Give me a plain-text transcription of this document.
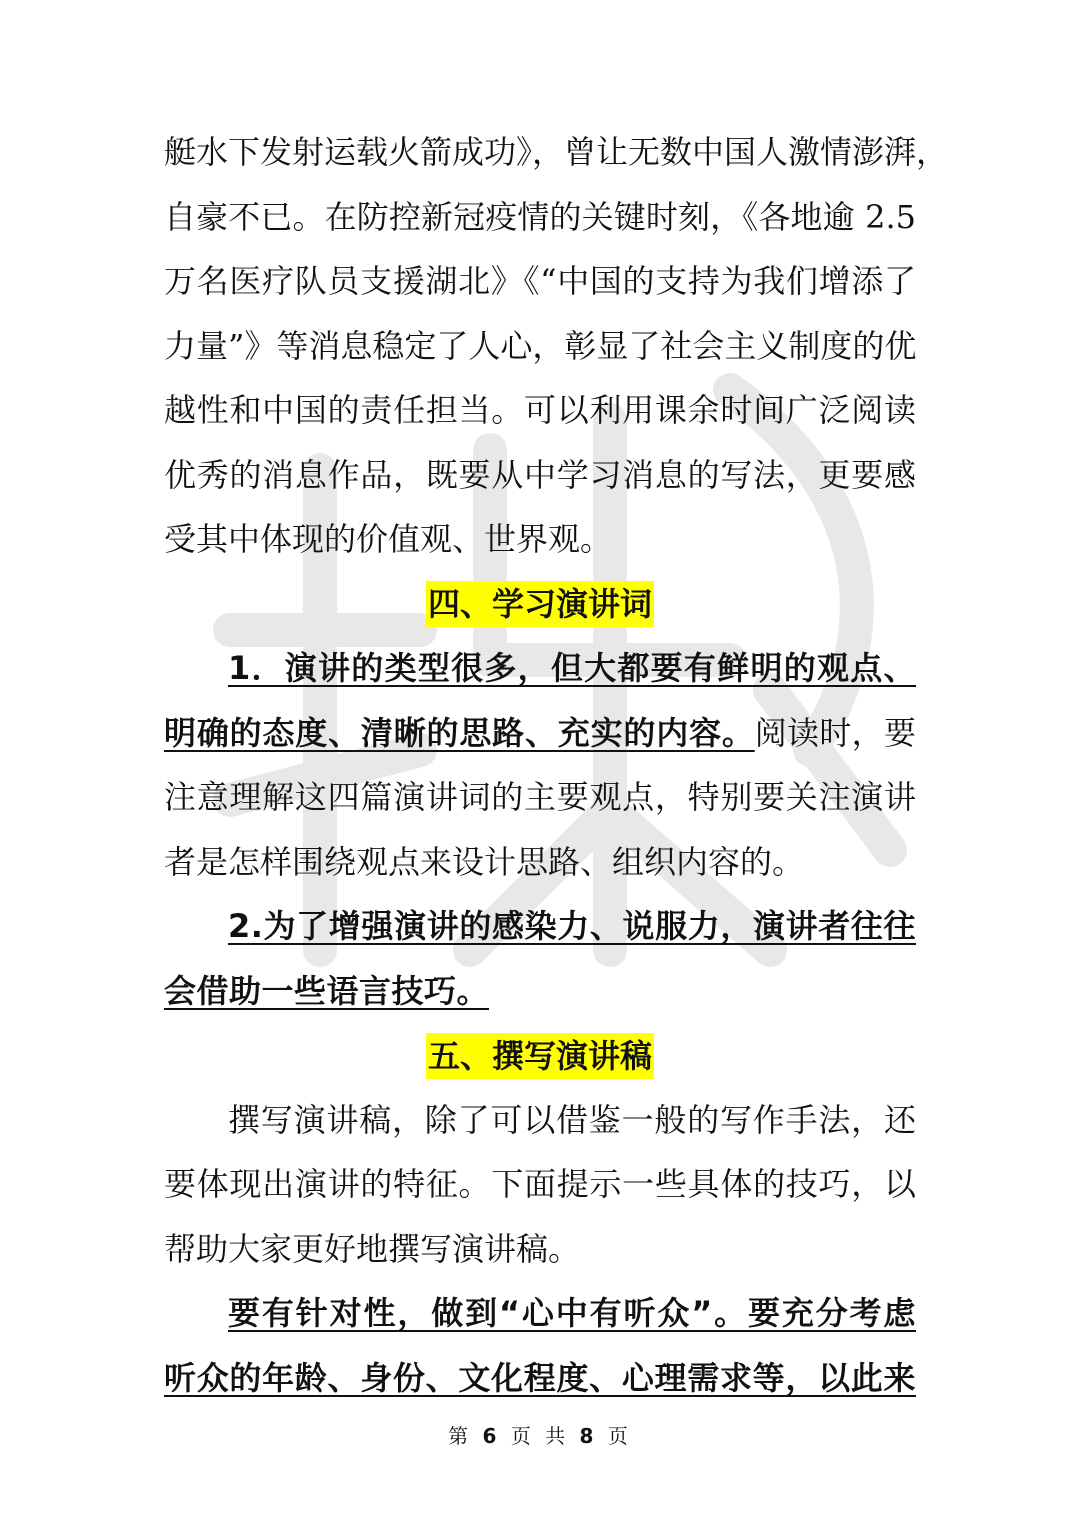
艇水下发射运载火箭成功》，曾让无数中国人激情澎湃，
自豪不已。在防控新冠疫情的关键时刻，《各地逾 2.5
万名医疗队员支援湖北》《“中国的支持为我们增添了
力量”》等消息稳定了人心，彰显了社会主义制度的优
越性和中国的责任担当。可以利用课余时间广泛阅读
优秀的消息作品，既要从中学习消息的写法，更要感
受其中体现的价值观、世界观。
四、学习演讲词
1．演讲的类型很多，但大都要有鲜明的观点、
明确的态度、清晰的思路、充实的内容。阅读时，要
注意理解这四篇演讲词的主要观点，特别要关注演讲
者是怎样围绕观点来设计思路、组织内容的。
2.为了增强演讲的感染力、说服力，演讲者往往
会借助一些语言技巧。
五、撰写演讲稿
撰写演讲稿，除了可以借鉴一般的写作手法，还
要体现出演讲的特征。下面提示一些具体的技巧，以
帮助大家更好地撰写演讲稿。
要有针对性，做到“心中有听众”。要充分考虑
听众的年龄、身份、文化程度、心理需求等，以此来
第 6 页 共 8 页
